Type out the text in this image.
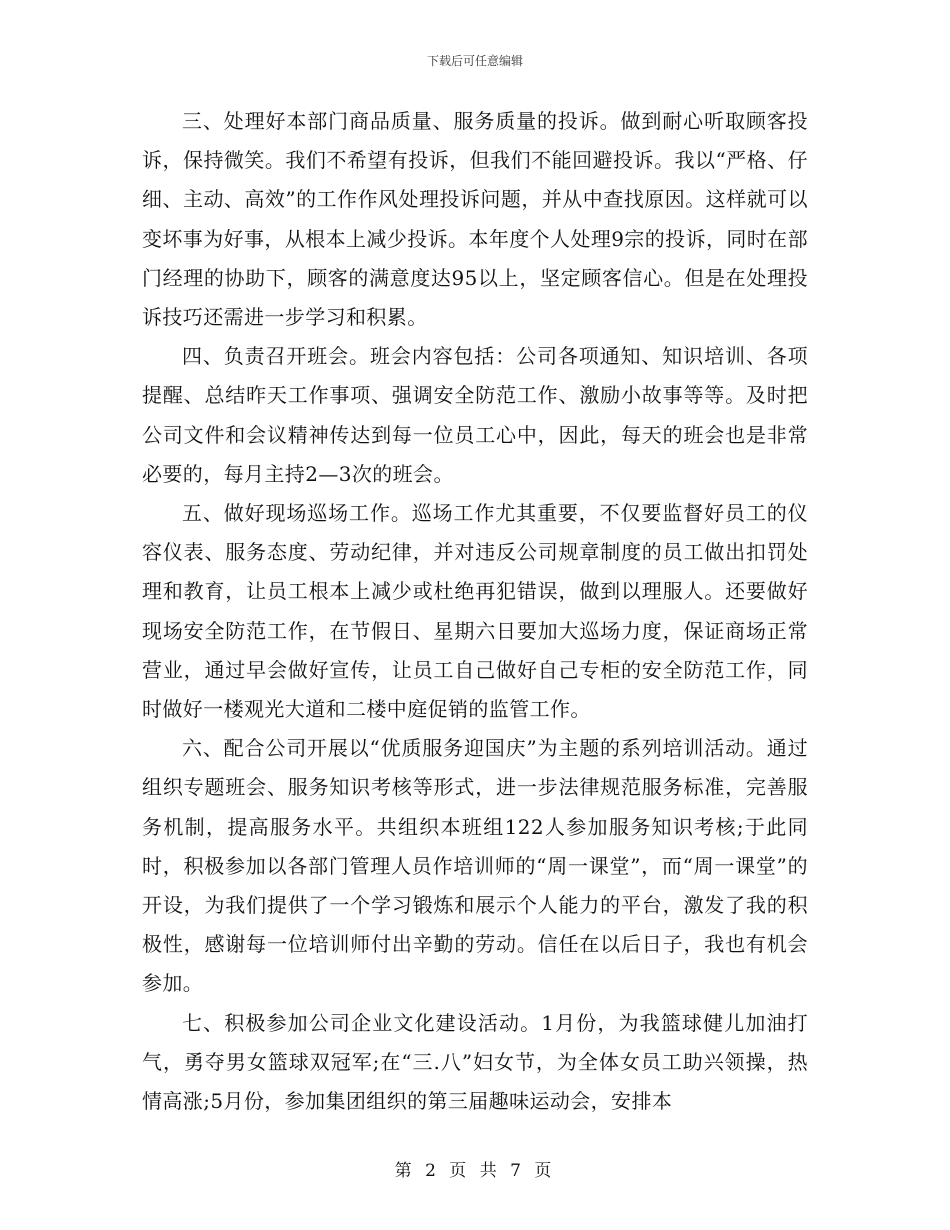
下载后可任意编辑

三、处理好本部门商品质量、服务质量的投诉。做到耐心听取顾客投诉，保持微笑。我们不希望有投诉，但我们不能回避投诉。我以“严格、仔细、主动、高效”的工作作风处理投诉问题，并从中查找原因。这样就可以变坏事为好事，从根本上减少投诉。本年度个人处理9宗的投诉，同时在部门经理的协助下，顾客的满意度达95以上，坚定顾客信心。但是在处理投诉技巧还需进一步学习和积累。

四、负责召开班会。班会内容包括：公司各项通知、知识培训、各项提醒、总结昨天工作事项、强调安全防范工作、激励小故事等等。及时把公司文件和会议精神传达到每一位员工心中，因此，每天的班会也是非常必要的，每月主持2—3次的班会。

五、做好现场巡场工作。巡场工作尤其重要，不仅要监督好员工的仪容仪表、服务态度、劳动纪律，并对违反公司规章制度的员工做出扣罚处理和教育，让员工根本上减少或杜绝再犯错误，做到以理服人。还要做好现场安全防范工作，在节假日、星期六日要加大巡场力度，保证商场正常营业，通过早会做好宣传，让员工自己做好自己专柜的安全防范工作，同时做好一楼观光大道和二楼中庭促销的监管工作。

六、配合公司开展以“优质服务迎国庆”为主题的系列培训活动。通过组织专题班会、服务知识考核等形式，进一步法律规范服务标准，完善服务机制，提高服务水平。共组织本班组122人参加服务知识考核;于此同时，积极参加以各部门管理人员作培训师的“周一课堂”，而“周一课堂”的开设，为我们提供了一个学习锻炼和展示个人能力的平台，激发了我的积极性，感谢每一位培训师付出辛勤的劳动。信任在以后日子，我也有机会参加。

七、积极参加公司企业文化建设活动。1月份，为我篮球健儿加油打气，勇夺男女篮球双冠军;在“三.八”妇女节，为全体女员工助兴领操，热情高涨;5月份，参加集团组织的第三届趣味运动会，安排本

第 2 页 共 7 页
